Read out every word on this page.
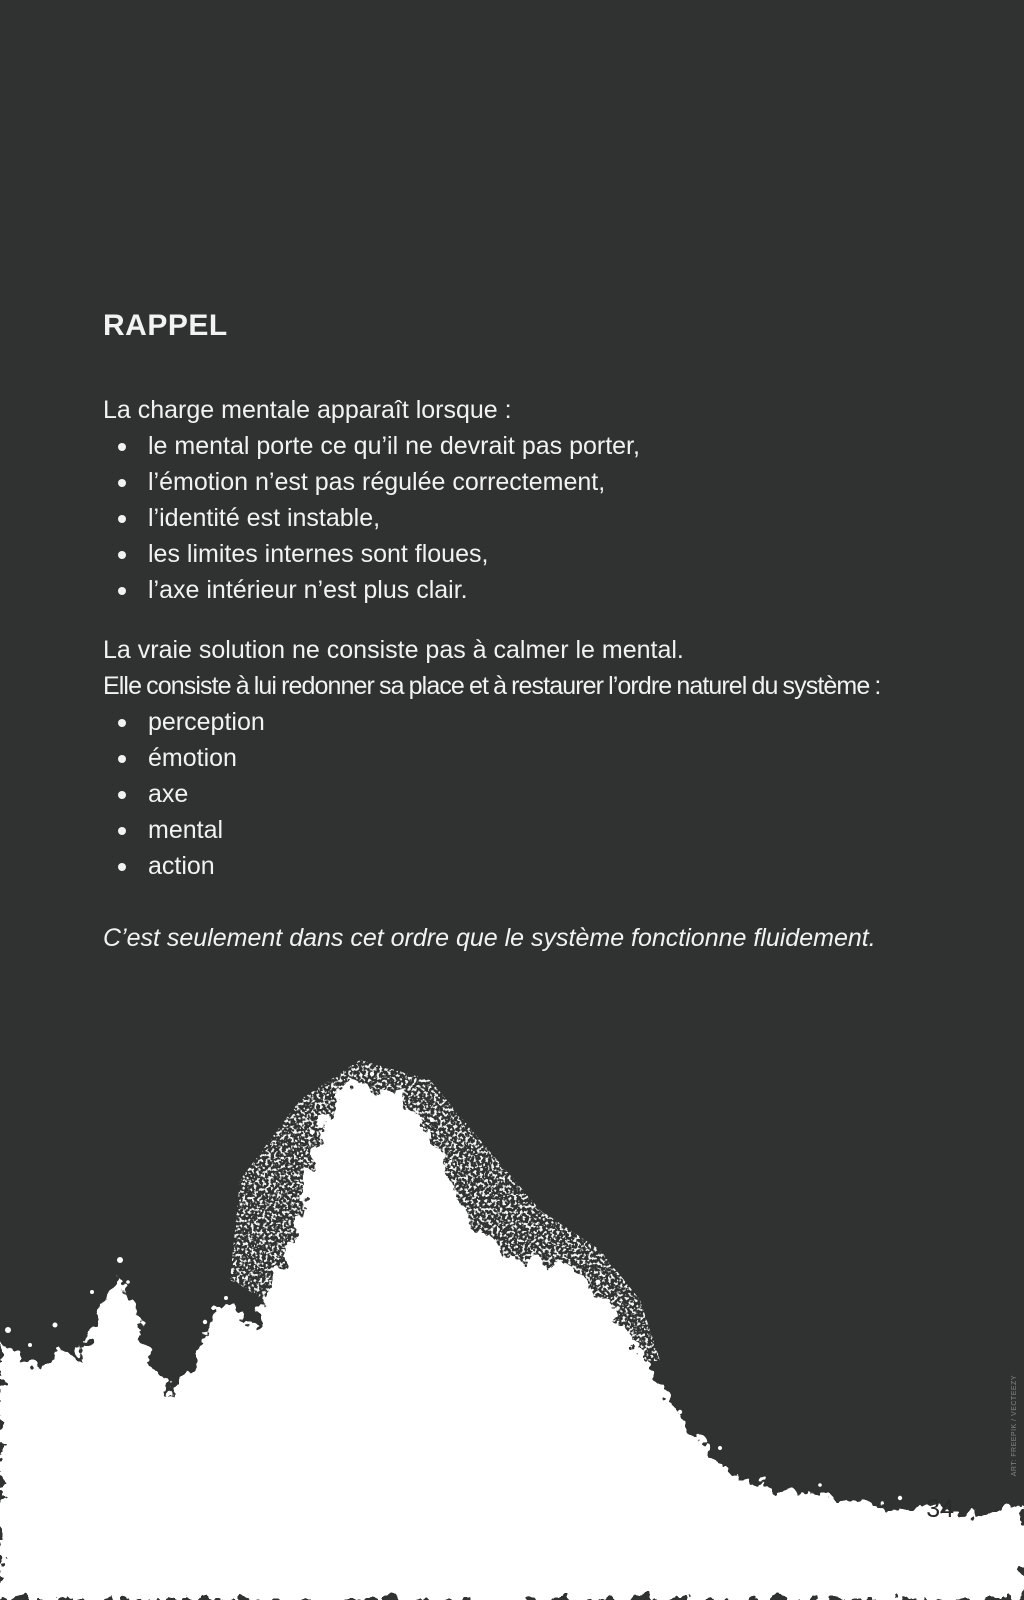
RAPPEL

La charge mentale apparaît lorsque :

le mental porte ce qu’il ne devrait pas porter,
l’émotion n’est pas régulée correctement,
l’identité est instable,
les limites internes sont floues,
l’axe intérieur n’est plus clair.

La vraie solution ne consiste pas à calmer le mental.

Elle consiste à lui redonner sa place et à restaurer l’ordre naturel du système :

perception
émotion
axe
mental
action

C’est seulement dans cet ordre que le système fonctionne fluidement.

34
ART: FREEPIK / VECTEEZY
